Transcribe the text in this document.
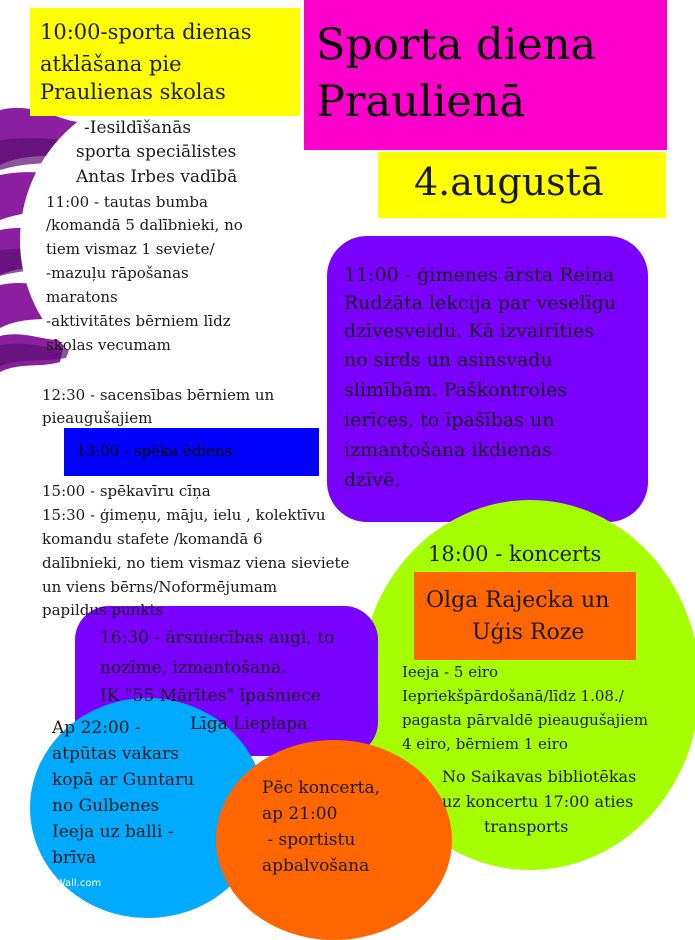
Sporta diena
Praulienā
4.augustā
10:00-sporta dienas
atklāšana pie
Praulienas skolas
-Iesildīšanās
sporta speciālistes
Antas Irbes vadībā
11:00 - tautas bumba
/komandā 5 dalībnieki, no
tiem vismaz 1 seviete/
-mazuļu rāpošanas
maratons
-aktivitātes bērniem līdz
skolas vecumam
12:30 - sacensības bērniem un
pieaugušajiem
13:00 - spēka ēdiens
15:00 - spēkavīru cīņa
15:30 - ģimeņu, māju, ielu , kolektīvu
komandu stafete /komandā 6
dalībnieki, no tiem vismaz viena sieviete
un viens bērns/Noformējumam
papildus punkts
11:00 - ģimenes ārsta Reiņa
Rudzāta lekcija par veselīgu
dzīvesveidu. Kā izvairīties
no sirds un asinsvadu
slimībām. Paškontroles
ierīces, to īpašības un
izmantošana ikdienas
dzīvē.
18:00 - koncerts
Olga Rajecka un
Uģis Roze
Ieeja - 5 eiro
Iepriekšpārdošanā/līdz 1.08./
pagasta pārvaldē pieaugušajiem
4 eiro, bērniem 1 eiro
No Saikavas bibliotēkas
uz koncertu 17:00 aties
transports
16:30 - ārsniecības augi, to
nozīme, izmantošana.
IK "55 Mārītes" īpašniece
Līga Lieplapa
Ap 22:00 -
atpūtas vakars
kopā ar Guntaru
no Gulbenes
Ieeja uz balli -
brīva
Pēc koncerta,
ap 21:00
- sportistu
apbalvošana
PosterMyWall.com
